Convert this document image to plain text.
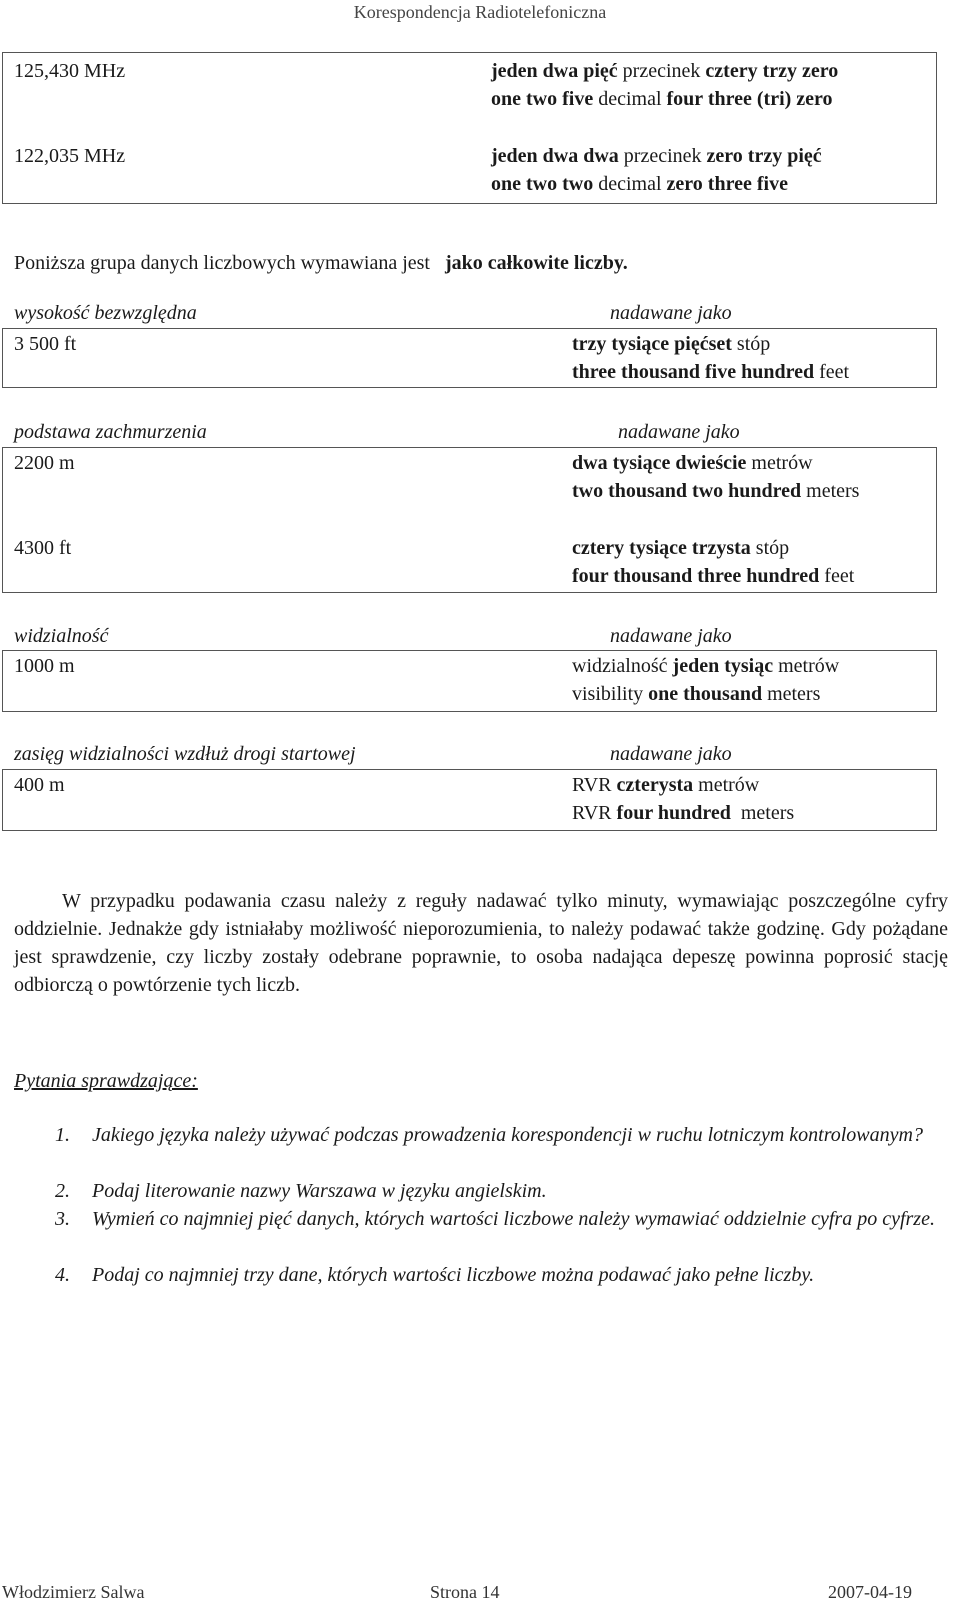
Korespondencja Radiotelefoniczna
125,430 MHz	jeden dwa pięć przecinek cztery trzy zero
one two five decimal four three (tri) zero
122,035 MHz	jeden dwa dwa przecinek zero trzy pięć
one two two decimal zero three five
Poniższa grupa danych liczbowych wymawiana jest jako całkowite liczby.
wysokość bezwzględna	nadawane jako
3 500 ft	trzy tysiące pięćset stóp
three thousand five hundred feet
podstawa zachmurzenia	nadawane jako
2200 m	dwa tysiące dwieście metrów
two thousand two hundred meters
4300 ft	cztery tysiące trzysta stóp
four thousand three hundred feet
widzialność	nadawane jako
1000 m	widzialność jeden tysiąc metrów
visibility one thousand meters
zasięg widzialności wzdłuż drogi startowej	nadawane jako
400 m	RVR czterysta metrów
RVR four hundred  meters
W przypadku podawania czasu należy z reguły nadawać tylko minuty, wymawiając poszczególne cyfry oddzielnie. Jednakże gdy istniałaby możliwość nieporozumienia, to należy podawać także godzinę. Gdy pożądane jest sprawdzenie, czy liczby zostały odebrane poprawnie, to osoba nadająca depeszę powinna poprosić stację odbiorczą o powtórzenie tych liczb.
Pytania sprawdzające:
1. Jakiego języka należy używać podczas prowadzenia korespondencji w ruchu lotniczym kontrolowanym?
2. Podaj literowanie nazwy Warszawa w języku angielskim.
3. Wymień co najmniej pięć danych, których wartości liczbowe należy wymawiać oddzielnie cyfra po cyfrze.
4. Podaj co najmniej trzy dane, których wartości liczbowe można podawać jako pełne liczby.
Włodzimierz Salwa	Strona 14	2007-04-19
